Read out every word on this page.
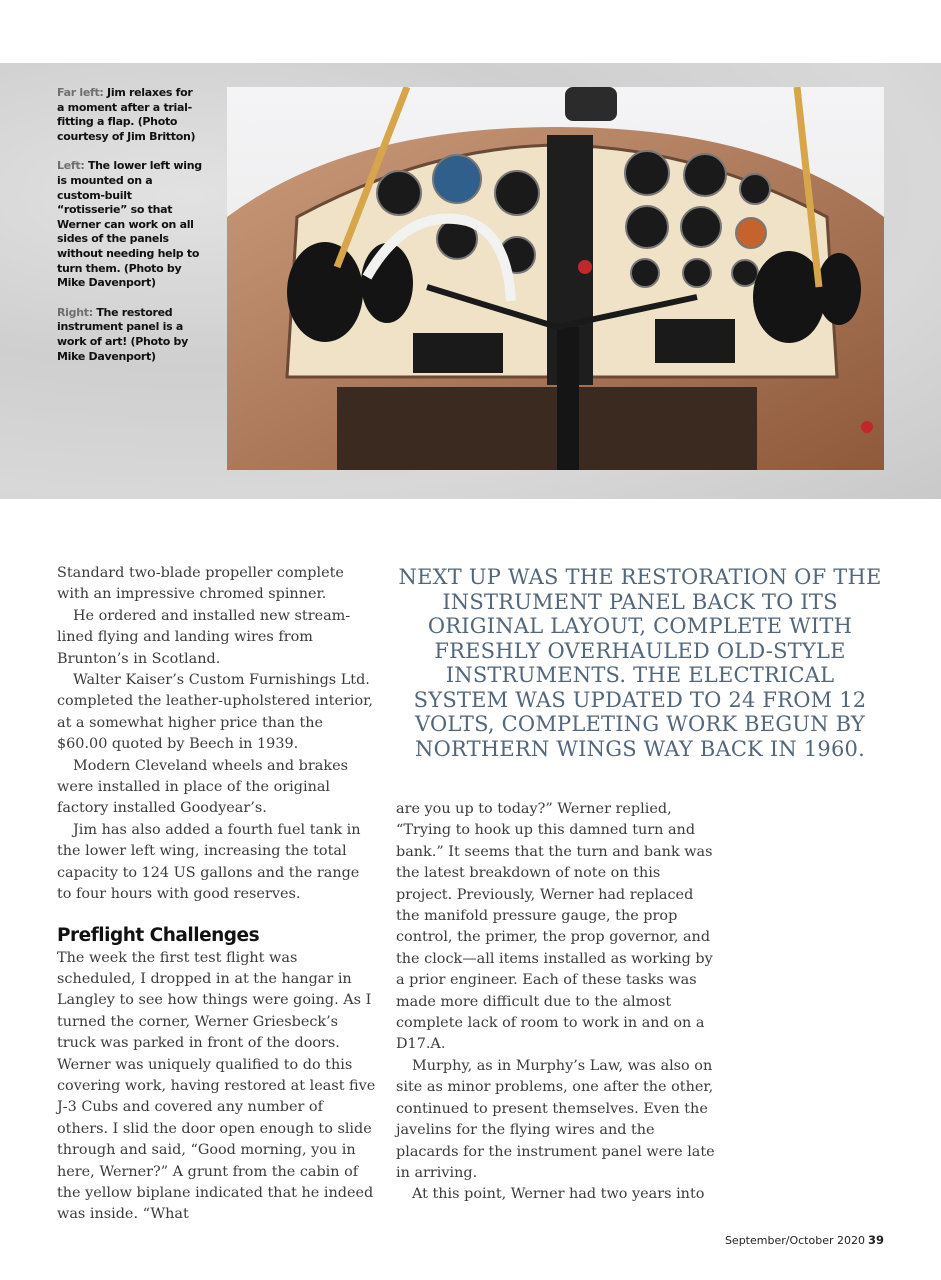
Far left: Jim relaxes for a moment after a trial-fitting a flap. (Photo courtesy of Jim Britton)

Left: The lower left wing is mounted on a custom-built “rotisserie” so that Werner can work on all sides of the panels without needing help to turn them. (Photo by Mike Davenport)

Right: The restored instrument panel is a work of art! (Photo by Mike Davenport)

Standard two-blade propeller complete with an impressive chromed spinner.

He ordered and installed new stream-lined flying and landing wires from Brunton’s in Scotland.

Walter Kaiser’s Custom Furnishings Ltd. completed the leather-upholstered interior, at a somewhat higher price than the $60.00 quoted by Beech in 1939.

Modern Cleveland wheels and brakes were installed in place of the original factory installed Goodyear’s.

Jim has also added a fourth fuel tank in the lower left wing, increasing the total capacity to 124 US gallons and the range to four hours with good reserves.

Preflight Challenges

The week the first test flight was scheduled, I dropped in at the hangar in Langley to see how things were going. As I turned the corner, Werner Griesbeck’s truck was parked in front of the doors. Werner was uniquely qualified to do this covering work, having restored at least five J-3 Cubs and covered any number of others. I slid the door open enough to slide through and said, “Good morning, you in here, Werner?” A grunt from the cabin of the yellow biplane indicated that he indeed was inside. “What

NEXT UP WAS THE RESTORATION OF THE INSTRUMENT PANEL BACK TO ITS ORIGINAL LAYOUT, COMPLETE WITH FRESHLY OVERHAULED OLD-STYLE INSTRUMENTS. THE ELECTRICAL SYSTEM WAS UPDATED TO 24 FROM 12 VOLTS, COMPLETING WORK BEGUN BY NORTHERN WINGS WAY BACK IN 1960.

are you up to today?” Werner replied, “Trying to hook up this damned turn and bank.” It seems that the turn and bank was the latest breakdown of note on this project. Previously, Werner had replaced the manifold pressure gauge, the prop control, the primer, the prop governor, and the clock—all items installed as working by a prior engineer. Each of these tasks was made more difficult due to the almost complete lack of room to work in and on a D17.A.

Murphy, as in Murphy’s Law, was also on site as minor problems, one after the other, continued to present themselves. Even the javelins for the flying wires and the placards for the instrument panel were late in arriving.

At this point, Werner had two years into

September/October 2020 39
